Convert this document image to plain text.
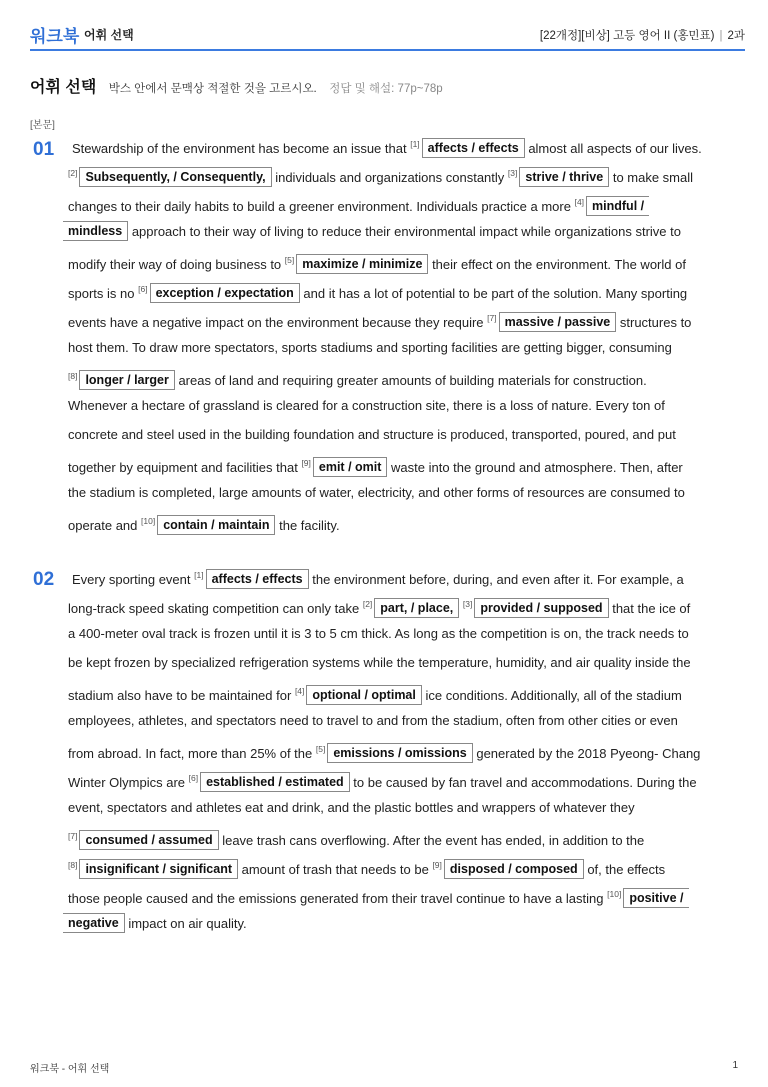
워크북 어휘 선택	[22개정][비상] 고등 영어 II (홍민표) | 2과
어휘 선택 박스 안에서 문맥상 적절한 것을 고르시오. 정답 및 해설: 77p~78p
[본문]
01 Stewardship of the environment has become an issue that [1] affects / effects almost all aspects of our lives.
[2] Subsequently, / Consequently, individuals and organizations constantly [3] strive / thrive to make small
changes to their daily habits to build a greener environment. Individuals practice a more [4] mindful /
mindless approach to their way of living to reduce their environmental impact while organizations strive to
modify their way of doing business to [5] maximize / minimize their effect on the environment. The world of
sports is no [6] exception / expectation and it has a lot of potential to be part of the solution. Many sporting
events have a negative impact on the environment because they require [7] massive / passive structures to
host them. To draw more spectators, sports stadiums and sporting facilities are getting bigger, consuming
[8] longer / larger areas of land and requiring greater amounts of building materials for construction.
Whenever a hectare of grassland is cleared for a construction site, there is a loss of nature. Every ton of
concrete and steel used in the building foundation and structure is produced, transported, poured, and put
together by equipment and facilities that [9] emit / omit waste into the ground and atmosphere. Then, after
the stadium is completed, large amounts of water, electricity, and other forms of resources are consumed to
operate and [10] contain / maintain the facility.
02 Every sporting event [1] affects / effects the environment before, during, and even after it. For example, a
long-track speed skating competition can only take [2] part, / place, [3] provided / supposed that the ice of
a 400-meter oval track is frozen until it is 3 to 5 cm thick. As long as the competition is on, the track needs to
be kept frozen by specialized refrigeration systems while the temperature, humidity, and air quality inside the
stadium also have to be maintained for [4] optional / optimal ice conditions. Additionally, all of the stadium
employees, athletes, and spectators need to travel to and from the stadium, often from other cities or even
from abroad. In fact, more than 25% of the [5] emissions / omissions generated by the 2018 Pyeong- Chang
Winter Olympics are [6] established / estimated to be caused by fan travel and accommodations. During the
event, spectators and athletes eat and drink, and the plastic bottles and wrappers of whatever they
[7] consumed / assumed leave trash cans overflowing. After the event has ended, in addition to the
[8] insignificant / significant amount of trash that needs to be [9] disposed / composed of, the effects
those people caused and the emissions generated from their travel continue to have a lasting [10] positive /
negative impact on air quality.
워크북 - 어휘 선택	1
